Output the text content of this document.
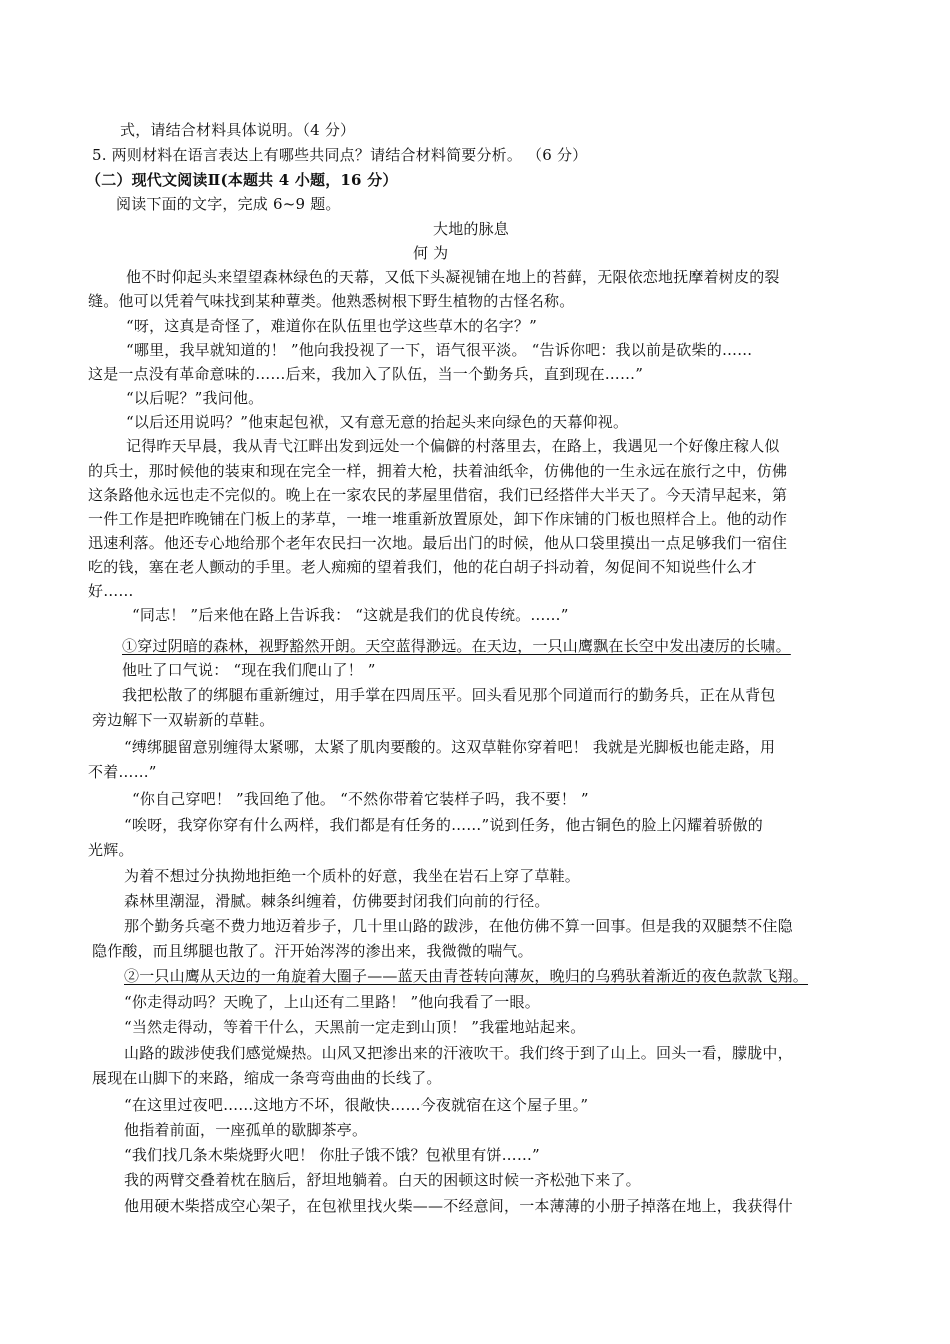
式，请结合材料具体说明。（4 分）
5. 两则材料在语言表达上有哪些共同点？请结合材料简要分析。 （6 分）
（二）现代文阅读Ⅱ(本题共 4 小题，16 分）
阅读下面的文字，完成 6~9 题。
大地的脉息
何 为
他不时仰起头来望望森林绿色的天幕，又低下头凝视铺在地上的苔藓，无限依恋地抚摩着树皮的裂
缝。他可以凭着气味找到某种蕈类。他熟悉树根下野生植物的古怪名称。
“呀，这真是奇怪了，难道你在队伍里也学这些草木的名字？”
“哪里，我早就知道的！ ”他向我投视了一下，语气很平淡。 “告诉你吧：我以前是砍柴的……
这是一点没有革命意味的……后来，我加入了队伍，当一个勤务兵，直到现在……”
“以后呢？”我问他。
“以后还用说吗？”他束起包袱，又有意无意的抬起头来向绿色的天幕仰视。
记得昨天早晨，我从青弋江畔出发到远处一个偏僻的村落里去，在路上，我遇见一个好像庄稼人似
的兵士，那时候他的装束和现在完全一样，拥着大枪，扶着油纸伞，仿佛他的一生永远在旅行之中，仿佛
这条路他永远也走不完似的。晚上在一家农民的茅屋里借宿，我们已经搭伴大半天了。今天清早起来，第
一件工作是把昨晚铺在门板上的茅草，一堆一堆重新放置原处，卸下作床铺的门板也照样合上。他的动作
迅速利落。他还专心地给那个老年农民扫一次地。最后出门的时候，他从口袋里摸出一点足够我们一宿住
吃的钱，塞在老人颤动的手里。老人痴痴的望着我们，他的花白胡子抖动着，匆促间不知说些什么才
好……
“同志！ ”后来他在路上告诉我： “这就是我们的优良传统。……”
①穿过阴暗的森林，视野豁然开朗。天空蓝得渺远。在天边，一只山鹰飘在长空中发出凄厉的长啸。
他吐了口气说： “现在我们爬山了！ ”
我把松散了的绑腿布重新缠过，用手掌在四周压平。回头看见那个同道而行的勤务兵，正在从背包
旁边解下一双崭新的草鞋。
“缚绑腿留意别缠得太紧哪，太紧了肌肉要酸的。这双草鞋你穿着吧！ 我就是光脚板也能走路，用
不着……”
“你自己穿吧！ ”我回绝了他。 “不然你带着它装样子吗，我不要！ ”
“唉呀，我穿你穿有什么两样，我们都是有任务的……”说到任务，他古铜色的脸上闪耀着骄傲的
光辉。
为着不想过分执拗地拒绝一个质朴的好意，我坐在岩石上穿了草鞋。
森林里潮湿，滑腻。棘条纠缠着，仿佛要封闭我们向前的行径。
那个勤务兵毫不费力地迈着步子，几十里山路的跋涉，在他仿佛不算一回事。但是我的双腿禁不住隐
隐作酸，而且绑腿也散了。汗开始涔涔的渗出来，我微微的喘气。
②一只山鹰从天边的一角旋着大圈子——蓝天由青苍转向薄灰，晚归的乌鸦驮着渐近的夜色款款飞翔。
“你走得动吗？天晚了，上山还有二里路！ ”他向我看了一眼。
“当然走得动，等着干什么，天黑前一定走到山顶！ ”我霍地站起来。
山路的跋涉使我们感觉燥热。山风又把渗出来的汗液吹干。我们终于到了山上。回头一看，朦胧中，
展现在山脚下的来路，缩成一条弯弯曲曲的长线了。
“在这里过夜吧……这地方不坏，很敞快……今夜就宿在这个屋子里。”
他指着前面，一座孤单的歇脚茶亭。
“我们找几条木柴烧野火吧！ 你肚子饿不饿？包袱里有饼……”
我的两臂交叠着枕在脑后，舒坦地躺着。白天的困顿这时候一齐松弛下来了。
他用硬木柴搭成空心架子，在包袱里找火柴——不经意间，一本薄薄的小册子掉落在地上，我获得什
